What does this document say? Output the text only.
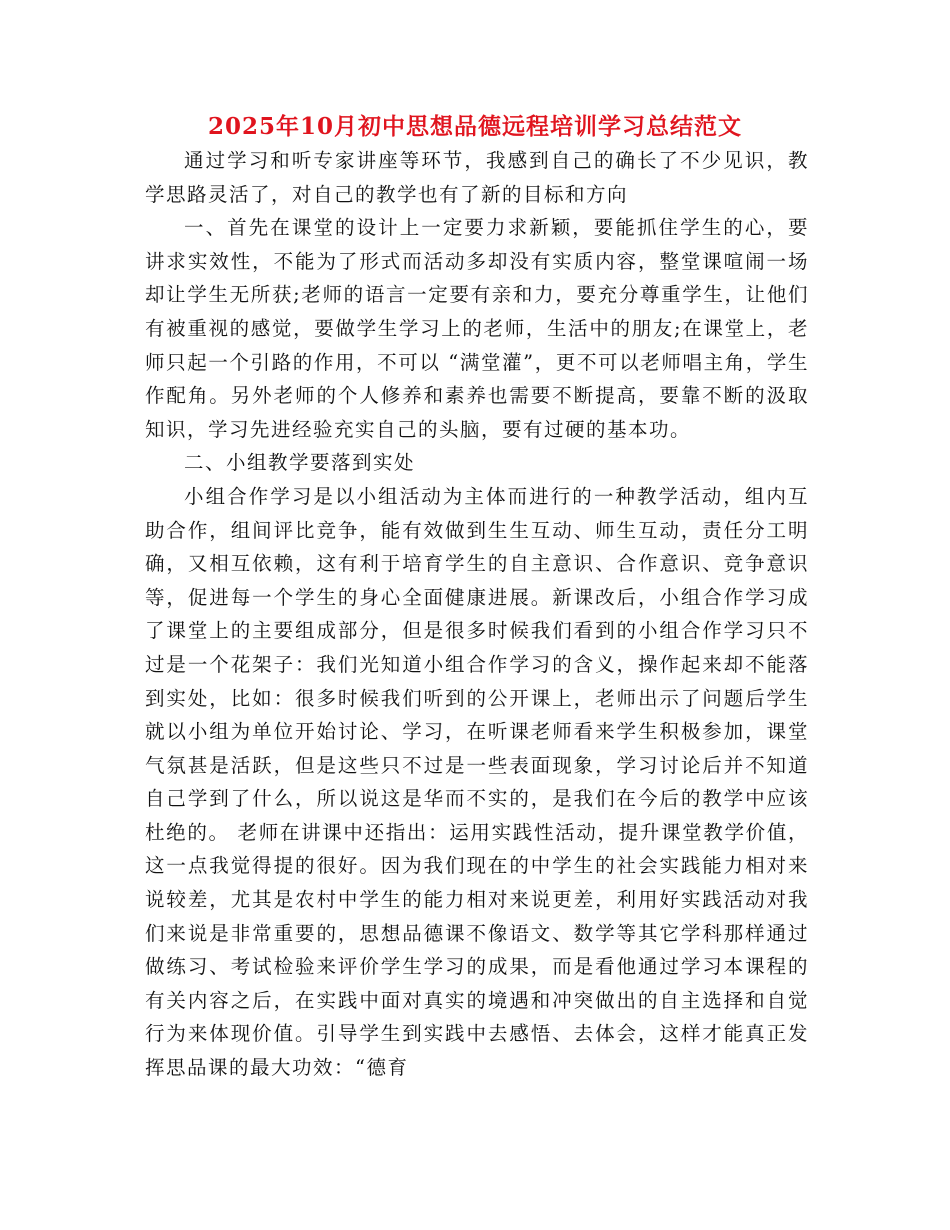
2025年10月初中思想品德远程培训学习总结范文

通过学习和听专家讲座等环节，我感到自己的确长了不少见识，教学思路灵活了，对自己的教学也有了新的目标和方向

一、首先在课堂的设计上一定要力求新颖，要能抓住学生的心，要讲求实效性，不能为了形式而活动多却没有实质内容，整堂课喧闹一场却让学生无所获;老师的语言一定要有亲和力，要充分尊重学生，让他们有被重视的感觉，要做学生学习上的老师，生活中的朋友;在课堂上，老师只起一个引路的作用，不可以 “满堂灌”，更不可以老师唱主角，学生作配角。另外老师的个人修养和素养也需要不断提高，要靠不断的汲取知识，学习先进经验充实自己的头脑，要有过硬的基本功。

二、小组教学要落到实处

小组合作学习是以小组活动为主体而进行的一种教学活动，组内互助合作，组间评比竞争，能有效做到生生互动、师生互动，责任分工明确，又相互依赖，这有利于培育学生的自主意识、合作意识、竞争意识等，促进每一个学生的身心全面健康进展。新课改后，小组合作学习成了课堂上的主要组成部分，但是很多时候我们看到的小组合作学习只不过是一个花架子：我们光知道小组合作学习的含义，操作起来却不能落到实处，比如：很多时候我们听到的公开课上，老师出示了问题后学生就以小组为单位开始讨论、学习，在听课老师看来学生积极参加，课堂气氛甚是活跃，但是这些只不过是一些表面现象，学习讨论后并不知道自己学到了什么，所以说这是华而不实的，是我们在今后的教学中应该杜绝的。 老师在讲课中还指出：运用实践性活动，提升课堂教学价值，这一点我觉得提的很好。因为我们现在的中学生的社会实践能力相对来说较差，尤其是农村中学生的能力相对来说更差，利用好实践活动对我们来说是非常重要的，思想品德课不像语文、数学等其它学科那样通过做练习、考试检验来评价学生学习的成果，而是看他通过学习本课程的有关内容之后，在实践中面对真实的境遇和冲突做出的自主选择和自觉行为来体现价值。引导学生到实践中去感悟、去体会，这样才能真正发挥思品课的最大功效：“德育
